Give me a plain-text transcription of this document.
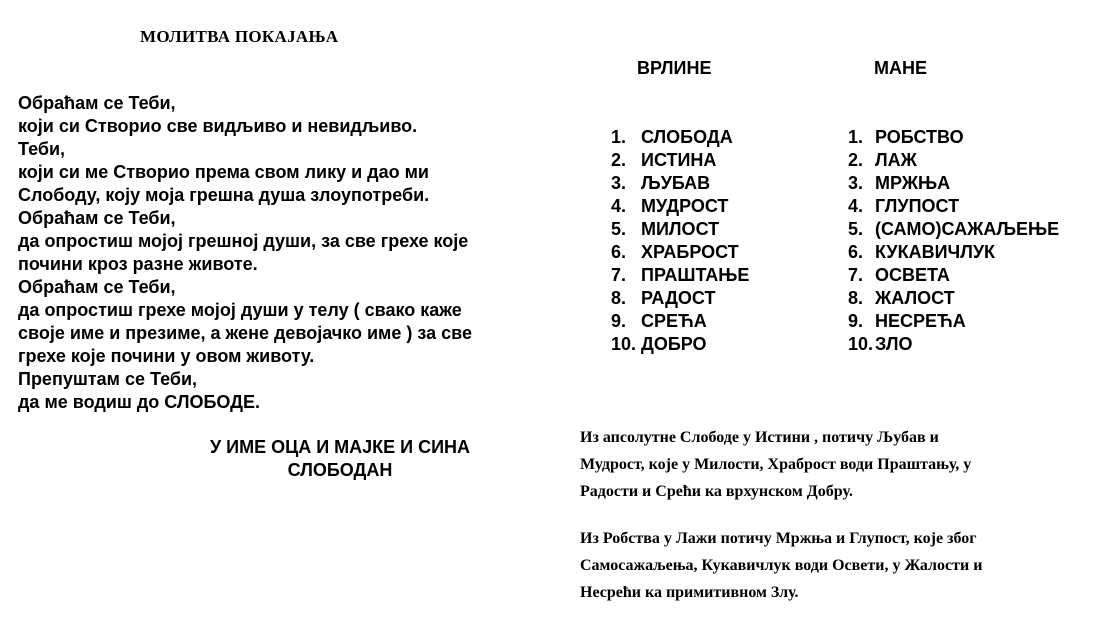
МОЛИТВА ПОКАЈАЊА
Обраћам се Теби,
који си Створио све видљиво и невидљиво.
Теби,
који си ме Створио према свом лику и дао ми
Слободу, коју моја грешна душа злоупотреби.
Обраћам се Теби,
да опростиш мојој грешној души, за све грехе које
почини кроз разне животе.
Обраћам се Теби,
да опростиш грехе мојој души у телу ( свако каже
своје име и презиме, а жене девојачко име ) за све
грехе које почини у овом животу.
Препуштам се Теби,
да ме водиш до СЛОБОДЕ.
У ИМЕ ОЦА И МАЈКЕ И СИНА
СЛОБОДАН
ВРЛИНЕ	МАНЕ
1. СЛОБОДА
2. ИСТИНА
3. ЉУБАВ
4. МУДРОСТ
5. МИЛОСТ
6. ХРАБРОСТ
7. ПРАШТАЊЕ
8. РАДОСТ
9. СРЕЋА
10. ДОБРО
1. РОБСТВО
2. ЛАЖ
3. МРЖЊА
4. ГЛУПОСТ
5. (САМО)САЖАЉЕЊЕ
6. КУКАВИЧЛУК
7. ОСВЕТА
8. ЖАЛОСТ
9. НЕСРЕЋА
10. ЗЛО
Из апсолутне Слободе у Истини , потичу Љубав и
Мудрост, које у Милости, Храброст води Праштању, у
Радости и Срећи ка врхунском Добру.
Из Робства у Лажи потичу Мржња и Глупост, које због
Самосажаљења, Кукавичлук води Освети, у Жалости и
Несрећи ка примитивном Злу.
